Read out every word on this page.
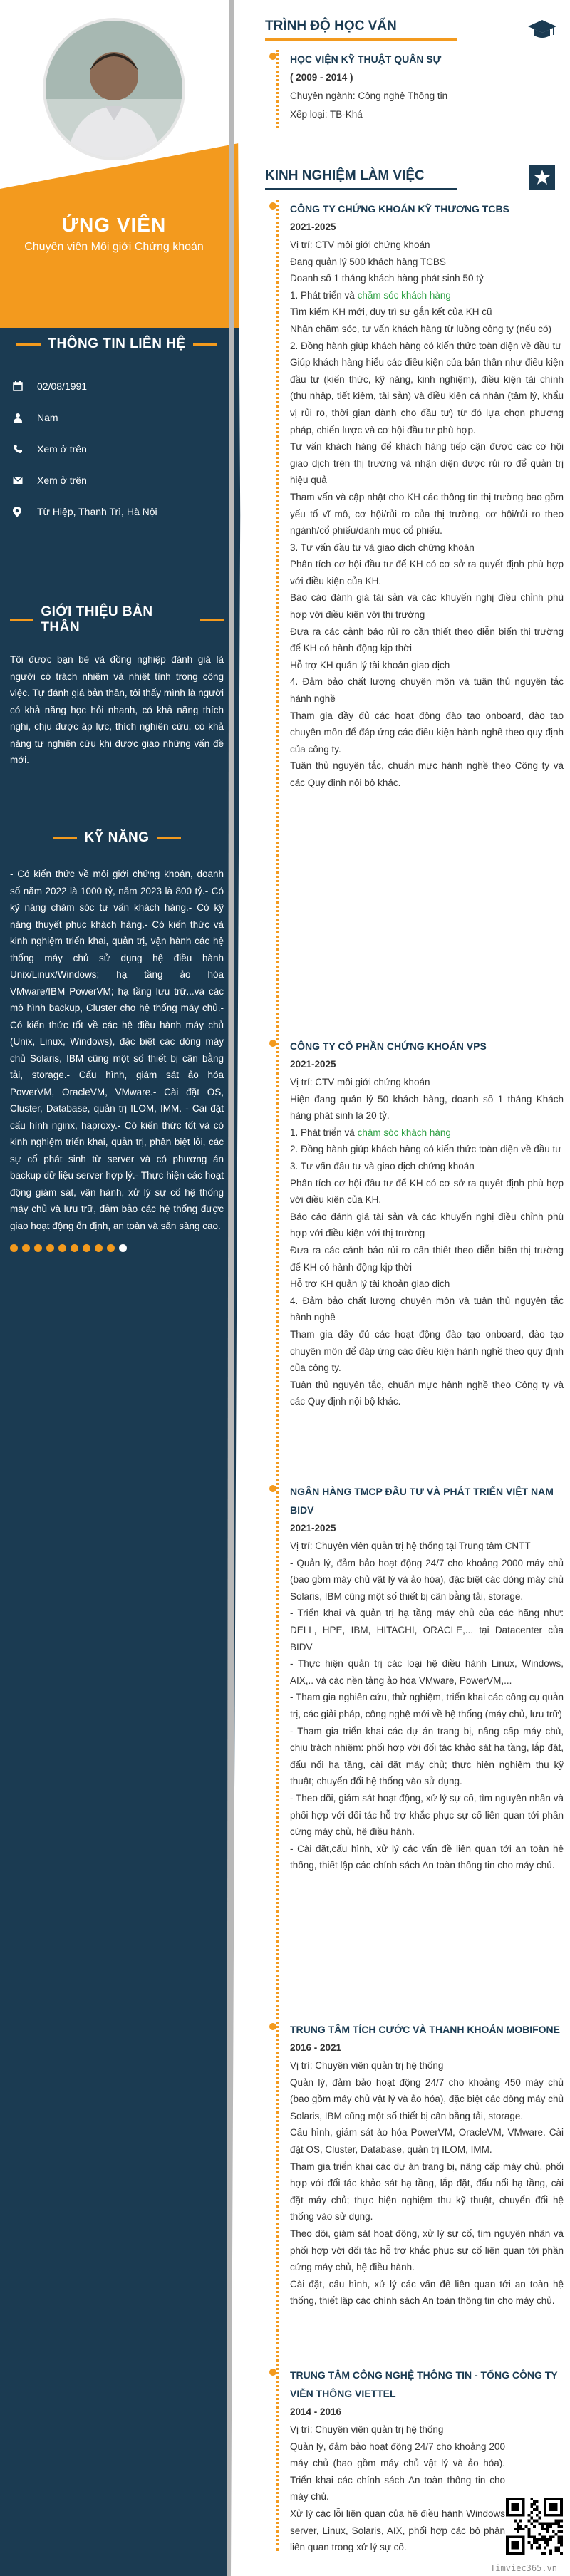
ỨNG VIÊN
Chuyên viên Môi giới Chứng khoán
THÔNG TIN LIÊN HỆ
02/08/1991
Nam
Xem ở trên
Xem ở trên
Từ Hiệp, Thanh Trì, Hà Nội
GIỚI THIỆU BẢN THÂN
Tôi được bạn bè và đồng nghiệp đánh giá là người có trách nhiệm và nhiệt tình trong công việc. Tự đánh giá bản thân, tôi thấy mình là người có khả năng học hỏi nhanh, có khả năng thích nghi, chịu được áp lực, thích nghiên cứu, có khả năng tự nghiên cứu khi được giao những vấn đề mới.
KỸ NĂNG
- Có kiến thức về môi giới chứng khoán, doanh số năm 2022 là 1000 tỷ, năm 2023 là 800 tỷ.- Có kỹ năng chăm sóc tư vấn khách hàng.- Có kỹ năng thuyết phục khách hàng.- Có kiến thức và kinh nghiệm triển khai, quản trị, vận hành các hệ thống máy chủ sử dụng hệ điều hành Unix/Linux/Windows; hạ tầng ảo hóa VMware/IBM PowerVM; hạ tầng lưu trữ...và các mô hình backup, Cluster cho hệ thống máy chủ.- Có kiến thức tốt về các hệ điều hành máy chủ (Unix, Linux, Windows), đặc biệt các dòng máy chủ Solaris, IBM cũng một số thiết bị cân bằng tải, storage.- Cấu hình, giám sát ảo hóa PowerVM, OracleVM, VMware.- Cài đặt OS, Cluster, Database, quản trị ILOM, IMM. - Cài đặt cấu hình nginx, haproxy.- Có kiến thức tốt và có kinh nghiệm triển khai, quản trị, phân biệt lỗi, các sự cố phát sinh từ server và có phương án backup dữ liệu server hợp lý.- Thực hiện các hoạt động giám sát, vận hành, xử lý sự cố hệ thống máy chủ và lưu trữ, đảm bảo các hệ thống được giao hoạt động ổn định, an toàn và sẵn sàng cao.
TRÌNH ĐỘ HỌC VẤN
HỌC VIỆN KỸ THUẬT QUÂN SỰ
( 2009 - 2014 )
Chuyên ngành: Công nghệ Thông tin
Xếp loại: TB-Khá
KINH NGHIỆM LÀM VIỆC
CÔNG TY CHỨNG KHOÁN KỸ THƯƠNG TCBS
2021-2025
Vị trí: CTV môi giới chứng khoán
Đang quản lý 500 khách hàng TCBS
Doanh số 1 tháng khách hàng phát sinh 50 tỷ
1. Phát triển và chăm sóc khách hàng
Tìm kiếm KH mới, duy trì sự gắn kết của KH cũ
Nhận chăm sóc, tư vấn khách hàng từ luồng công ty (nếu có)
2. Đồng hành giúp khách hàng có kiến thức toàn diện về đầu tư
Giúp khách hàng hiểu các điều kiện của bản thân như điều kiện đầu tư (kiến thức, kỹ năng, kinh nghiệm), điều kiện tài chính (thu nhập, tiết kiệm, tài sản) và điều kiện cá nhân (tâm lý, khẩu vị rủi ro, thời gian dành cho đầu tư) từ đó lựa chọn phương pháp, chiến lược và cơ hội đầu tư phù hợp.
Tư vấn khách hàng để khách hàng tiếp cận được các cơ hội giao dịch trên thị trường và nhận diện được rủi ro để quản trị hiệu quả
Tham vấn và cập nhật cho KH các thông tin thị trường bao gồm yếu tố vĩ mô, cơ hội/rủi ro của thị trường, cơ hội/rủi ro theo ngành/cổ phiếu/danh mục cổ phiếu.
3. Tư vấn đầu tư và giao dịch chứng khoán
Phân tích cơ hội đầu tư để KH có cơ sở ra quyết định phù hợp với điều kiện của KH.
Báo cáo đánh giá tài sản và các khuyến nghị điều chỉnh phù hợp với điều kiện với thị trường
Đưa ra các cảnh báo rủi ro cần thiết theo diễn biến thị trường để KH có hành động kịp thời
Hỗ trợ KH quản lý tài khoản giao dịch
4. Đảm bảo chất lượng chuyên môn và tuân thủ nguyên tắc hành nghề
Tham gia đầy đủ các hoạt động đào tạo onboard, đào tạo chuyên môn để đáp ứng các điều kiện hành nghề theo quy định của công ty.
Tuân thủ nguyên tắc, chuẩn mực hành nghề theo Công ty và các Quy định nội bộ khác.
CÔNG TY CỔ PHẦN CHỨNG KHOÁN VPS
2021-2025
Vị trí: CTV môi giới chứng khoán
Hiện đang quản lý 50 khách hàng, doanh số 1 tháng Khách hàng phát sinh là 20 tỷ.
1. Phát triển và chăm sóc khách hàng
2. Đồng hành giúp khách hàng có kiến thức toàn diện về đầu tư
3. Tư vấn đầu tư và giao dịch chứng khoán
Phân tích cơ hội đầu tư để KH có cơ sở ra quyết định phù hợp với điều kiện của KH.
Báo cáo đánh giá tài sản và các khuyến nghị điều chỉnh phù hợp với điều kiện với thị trường
Đưa ra các cảnh báo rủi ro cần thiết theo diễn biến thị trường để KH có hành động kịp thời
Hỗ trợ KH quản lý tài khoản giao dịch
4. Đảm bảo chất lượng chuyên môn và tuân thủ nguyên tắc hành nghề
Tham gia đầy đủ các hoạt động đào tạo onboard, đào tạo chuyên môn để đáp ứng các điều kiện hành nghề theo quy định của công ty.
Tuân thủ nguyên tắc, chuẩn mực hành nghề theo Công ty và các Quy định nội bộ khác.
NGÂN HÀNG TMCP ĐẦU TƯ VÀ PHÁT TRIỂN VIỆT NAM BIDV
2021-2025
Vị trí: Chuyên viên quản trị hệ thống tại Trung tâm CNTT
- Quản lý, đảm bảo hoạt động 24/7 cho khoảng 2000 máy chủ (bao gồm máy chủ vật lý và ảo hóa), đặc biệt các dòng máy chủ Solaris, IBM cũng một số thiết bị cân bằng tải, storage.
- Triển khai và quản trị hạ tầng máy chủ của các hãng như: DELL, HPE, IBM, HITACHI, ORACLE,... tại Datacenter của BIDV
- Thực hiện quản trị các loại hệ điều hành Linux, Windows, AIX,.. và các nền tảng ảo hóa VMware, PowerVM,...
- Tham gia nghiên cứu, thử nghiệm, triển khai các công cụ quản trị, các giải pháp, công nghệ mới về hệ thống (máy chủ, lưu trữ)
- Tham gia triển khai các dự án trang bị, nâng cấp máy chủ, chịu trách nhiệm: phối hợp với đối tác khảo sát hạ tầng, lắp đặt, đấu nối hạ tầng, cài đặt máy chủ; thực hiện nghiệm thu kỹ thuật; chuyển đổi hệ thống vào sử dụng.
- Theo dõi, giám sát hoạt động, xử lý sự cố, tìm nguyên nhân và phối hợp với đối tác hỗ trợ khắc phục sự cố liên quan tới phần cứng máy chủ, hệ điều hành.
- Cài đặt,cấu hình, xử lý các vấn đề liên quan tới an toàn hệ thống, thiết lập các chính sách An toàn thông tin cho máy chủ.
TRUNG TÂM TÍCH CƯỚC VÀ THANH KHOẢN MOBIFONE
2016 - 2021
Vị trí: Chuyên viên quản trị hệ thống
Quản lý, đảm bảo hoạt động 24/7 cho khoảng 450 máy chủ (bao gồm máy chủ vật lý và ảo hóa), đặc biệt các dòng máy chủ Solaris, IBM cũng một số thiết bị cân bằng tải, storage.
Cấu hình, giám sát ảo hóa PowerVM, OracleVM, VMware. Cài đặt OS, Cluster, Database, quản trị ILOM, IMM.
Tham gia triển khai các dự án trang bị, nâng cấp máy chủ, phối hợp với đối tác khảo sát hạ tầng, lắp đặt, đấu nối hạ tầng, cài đặt máy chủ; thực hiện nghiệm thu kỹ thuật, chuyển đổi hệ thống vào sử dụng.
Theo dõi, giám sát hoạt động, xử lý sự cố, tìm nguyên nhân và phối hợp với đối tác hỗ trợ khắc phục sự cố liên quan tới phần cứng máy chủ, hệ điều hành.
Cài đặt, cấu hình, xử lý các vấn đề liên quan tới an toàn hệ thống, thiết lập các chính sách An toàn thông tin cho máy chủ.
TRUNG TÂM CÔNG NGHỆ THÔNG TIN - TỔNG CÔNG TY VIỄN THÔNG VIETTEL
2014 - 2016
Vị trí: Chuyên viên quản trị hệ thống
Quản lý, đảm bảo hoạt động 24/7 cho khoảng 200 máy chủ (bao gồm máy chủ vật lý và ảo hóa). Triển khai các chính sách An toàn thông tin cho máy chủ.
Xử lý các lỗi liên quan của hệ điều hành Windows server, Linux, Solaris, AIX, phối hợp các bộ phận liên quan trong xử lý sự cố.
Timviec365.vn
